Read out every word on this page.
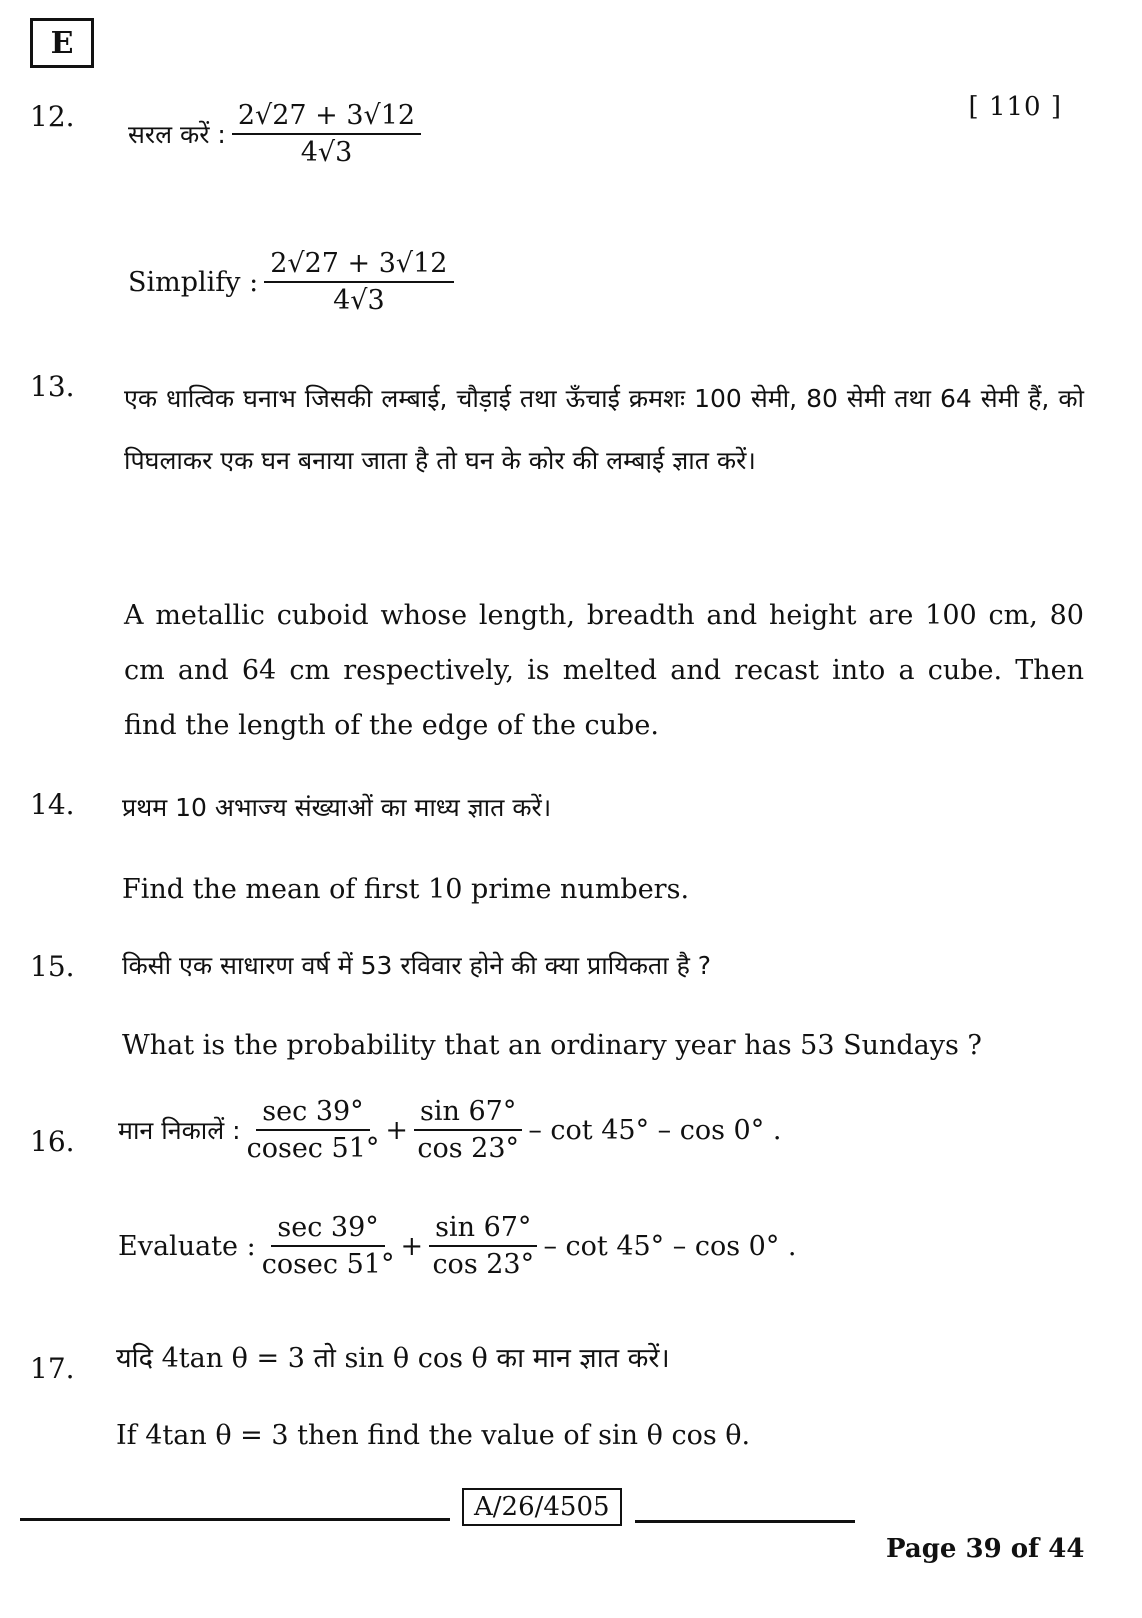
E
[ 110 ]
12.
सरल करें : $\frac{2√27 + 3√12}{4√3}$
Simplify : $\frac{2√27 + 3√12}{4√3}$
13. एक धात्विक घनाभ जिसकी लम्बाई, चौड़ाई तथा ऊँचाई क्रमशः 100 सेमी, 80 सेमी तथा 64 सेमी हैं, को पिघलाकर एक घन बनाया जाता है तो घन के कोर की लम्बाई ज्ञात करें।
A metallic cuboid whose length, breadth and height are 100 cm, 80 cm and 64 cm respectively, is melted and recast into a cube. Then find the length of the edge of the cube.
14. प्रथम 10 अभाज्य संख्याओं का माध्य ज्ञात करें।
Find the mean of first 10 prime numbers.
15. किसी एक साधारण वर्ष में 53 रविवार होने की क्या प्रायिकता है ?
What is the probability that an ordinary year has 53 Sundays ?
16. मान निकालें : $\frac{\sec 39^\circ}{cosec 51^\circ} + \frac{\sin 67^\circ}{\cos 23^\circ} - \cot 45^\circ - \cos 0^\circ$ .
Evaluate : $\frac{\sec 39^\circ}{cosec 51^\circ} + \frac{\sin 67^\circ}{\cos 23^\circ} - \cot 45^\circ - \cos 0^\circ$ .
17. यदि 4tan θ = 3 तो sin θ cos θ का मान ज्ञात करें।
If 4tan θ = 3 then find the value of sin θ cos θ.
A/26/4505
Page 39 of 44
